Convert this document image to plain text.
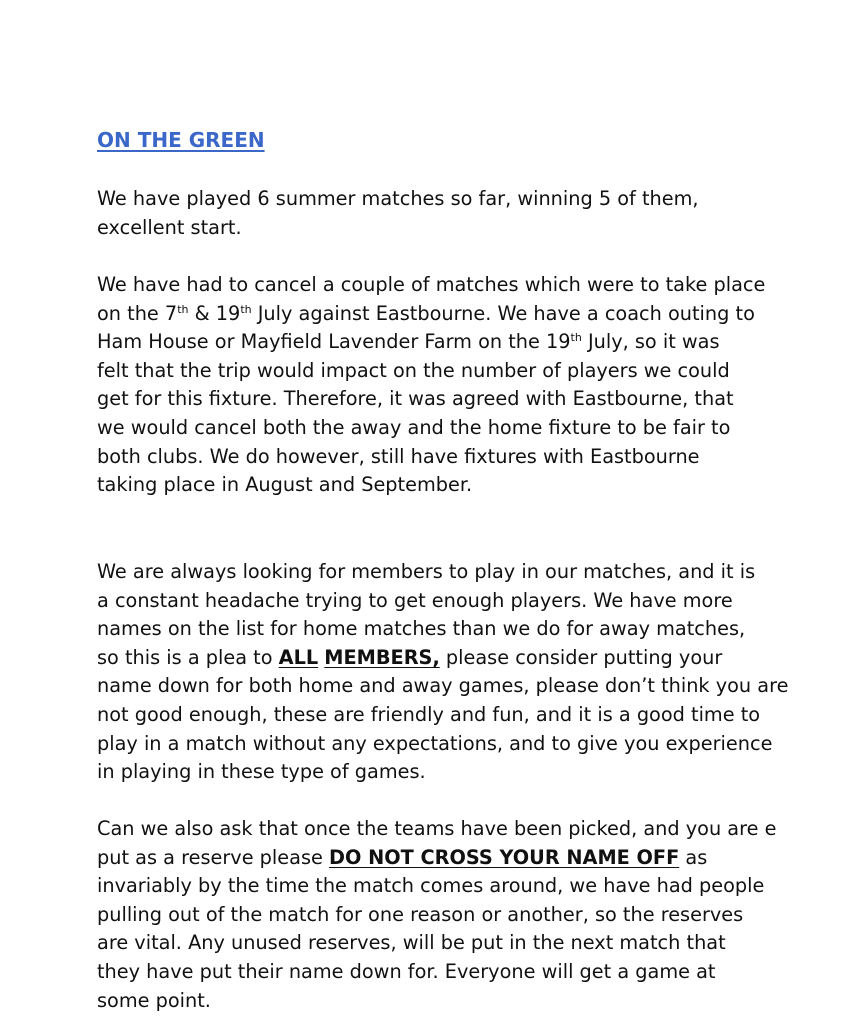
ON THE GREEN
We have played 6 summer matches so far, winning 5 of them,
excellent start.
We have had to cancel a couple of matches which were to take place
on the 7th & 19th July against Eastbourne. We have a coach outing to
Ham House or Mayfield Lavender Farm on the 19th July, so it was
felt that the trip would impact on the number of players we could
get for this fixture. Therefore, it was agreed with Eastbourne, that
we would cancel both the away and the home fixture to be fair to
both clubs. We do however, still have fixtures with Eastbourne
taking place in August and September.
We are always looking for members to play in our matches, and it is
a constant headache trying to get enough players. We have more
names on the list for home matches than we do for away matches,
so this is a plea to ALL MEMBERS, please consider putting your
name down for both home and away games, please don’t think you are
not good enough, these are friendly and fun, and it is a good time to
play in a match without any expectations, and to give you experience
in playing in these type of games.
Can we also ask that once the teams have been picked, and you are e
put as a reserve please DO NOT CROSS YOUR NAME OFF as
invariably by the time the match comes around, we have had people
pulling out of the match for one reason or another, so the reserves
are vital. Any unused reserves, will be put in the next match that
they have put their name down for. Everyone will get a game at
some point.
